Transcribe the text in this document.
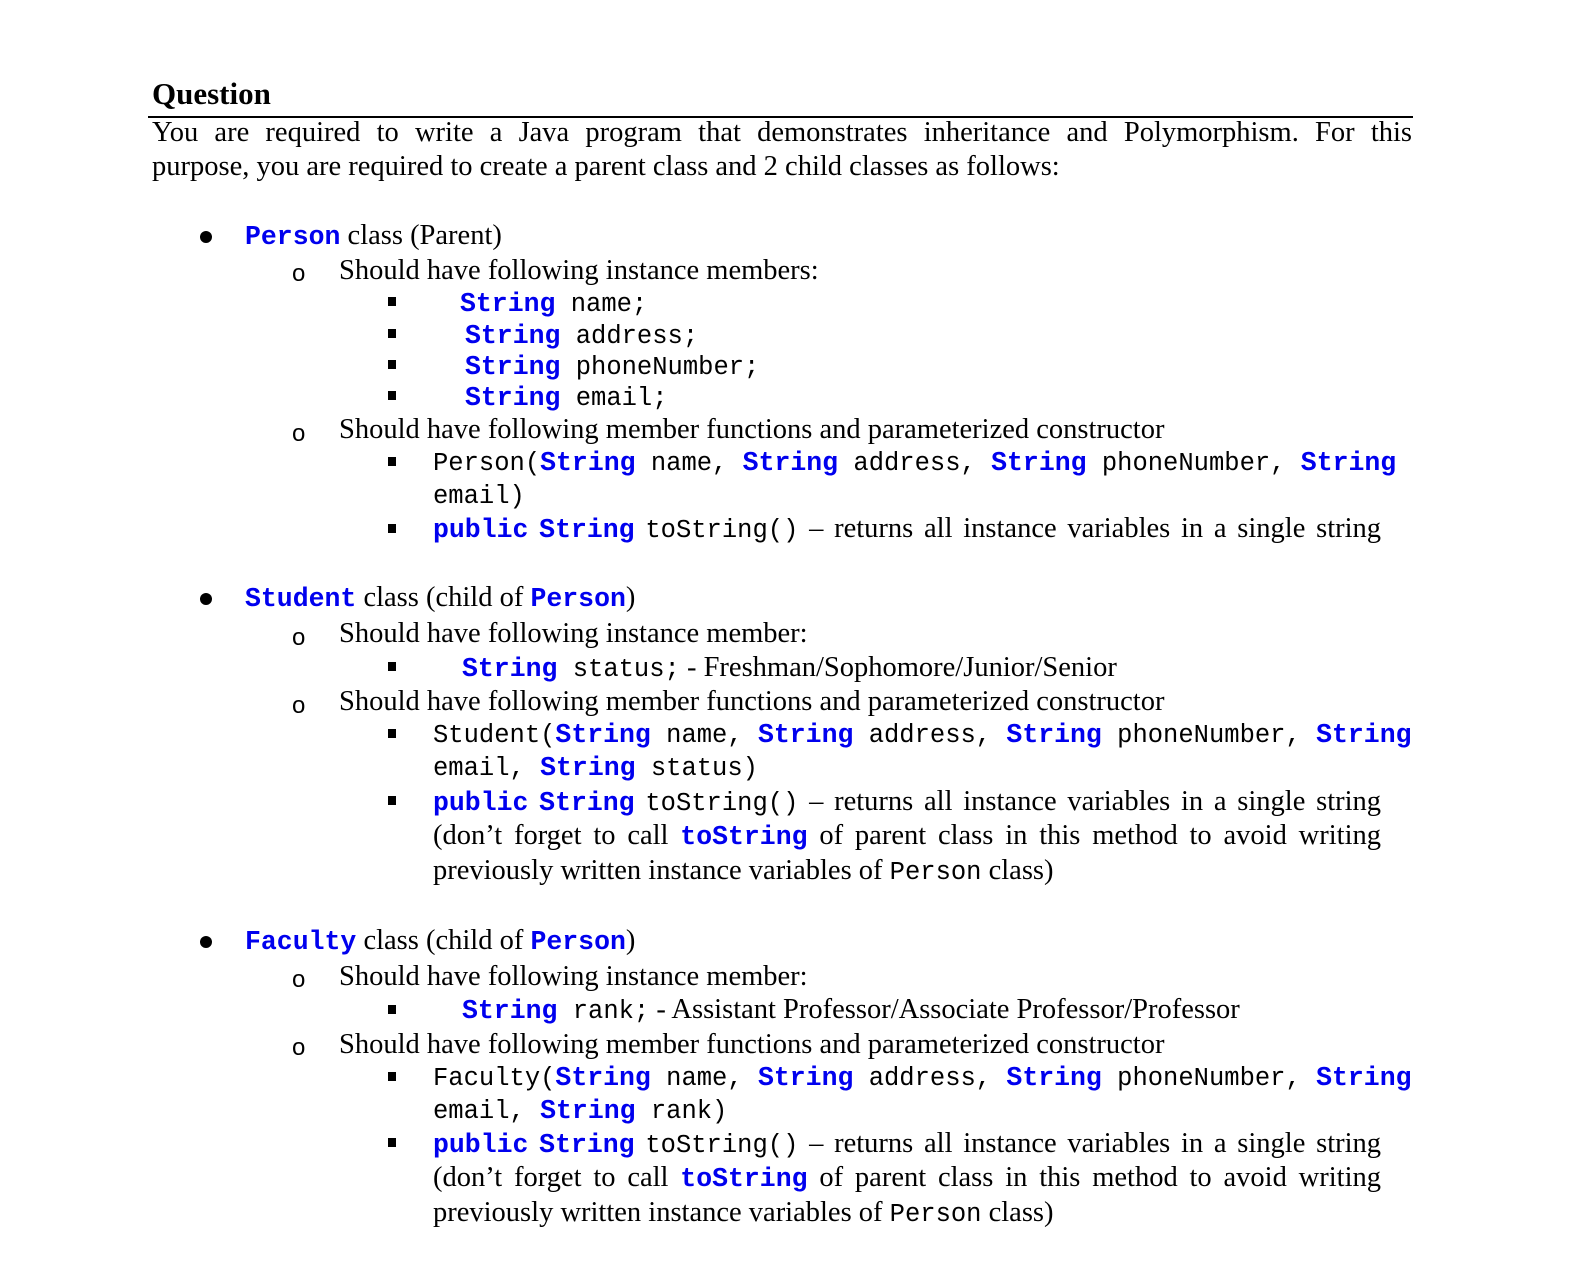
Question
You are required to write a Java program that demonstrates inheritance and Polymorphism. For this
purpose, you are required to create a parent class and 2 child classes as follows:
Person class (Parent)
o Should have following instance members:
String name;
String address;
String phoneNumber;
String email;
o Should have following member functions and parameterized constructor
Person(String name, String address, String phoneNumber, String
email)
public String toString() – returns all instance variables in a single string
Student class (child of Person)
o Should have following instance member:
String status; - Freshman/Sophomore/Junior/Senior
o Should have following member functions and parameterized constructor
Student(String name, String address, String phoneNumber, String
email, String status)
public String toString() – returns all instance variables in a single string
(don’t forget to call toString of parent class in this method to avoid writing
previously written instance variables of Person class)
Faculty class (child of Person)
o Should have following instance member:
String rank; - Assistant Professor/Associate Professor/Professor
o Should have following member functions and parameterized constructor
Faculty(String name, String address, String phoneNumber, String
email, String rank)
public String toString() – returns all instance variables in a single string
(don’t forget to call toString of parent class in this method to avoid writing
previously written instance variables of Person class)
